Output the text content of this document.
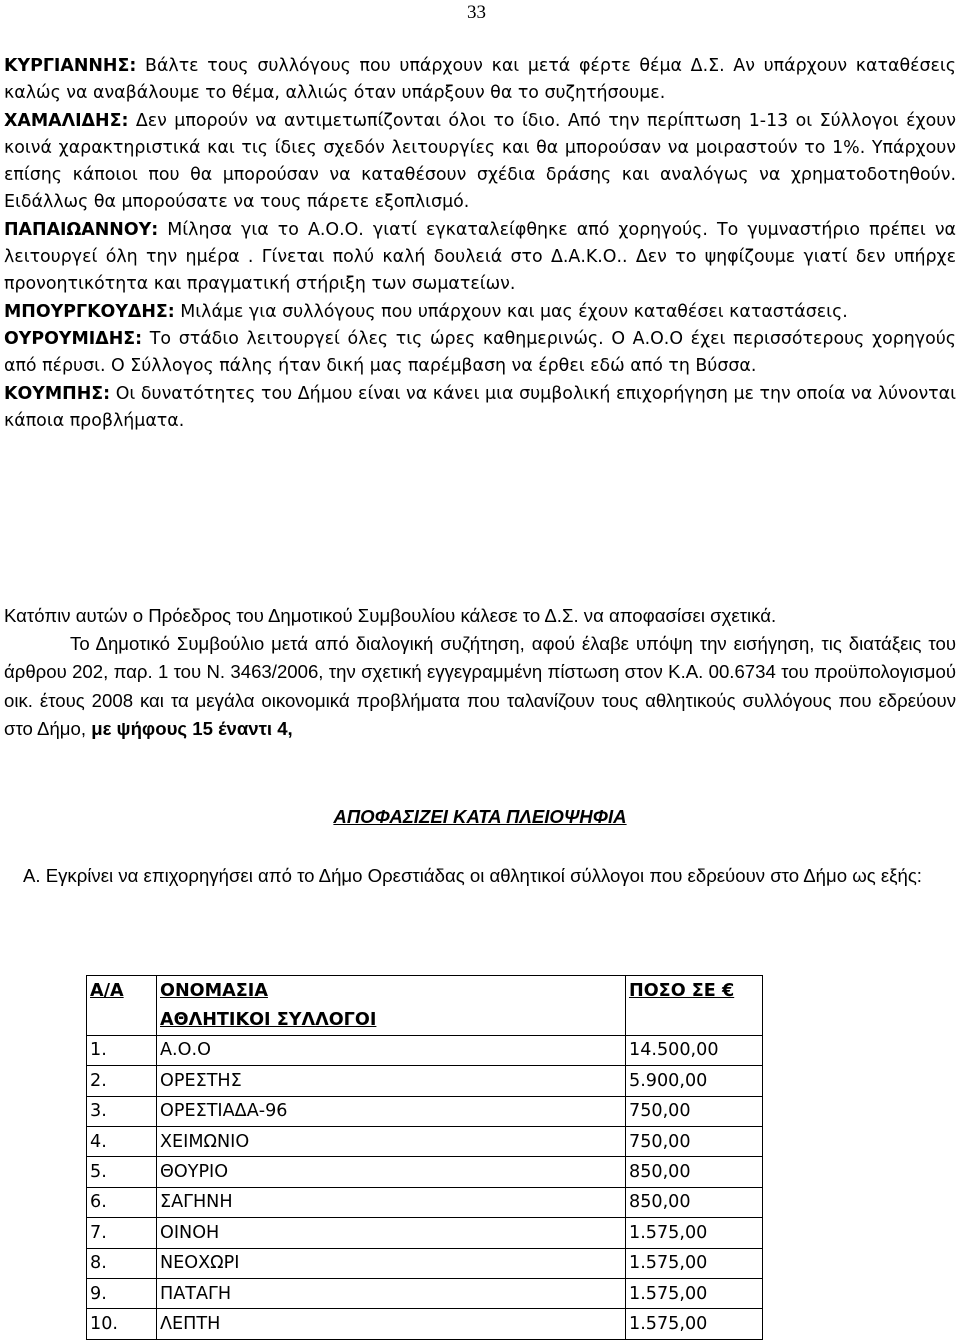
33

ΚΥΡΓΙΑΝΝΗΣ: Βάλτε τους συλλόγους που υπάρχουν και μετά φέρτε θέμα Δ.Σ. Αν υπάρχουν καταθέσεις καλώς να αναβάλουμε το θέμα, αλλιώς όταν υπάρξουν θα το συζητήσουμε.

ΧΑΜΑΛΙΔΗΣ: Δεν μπορούν να αντιμετωπίζονται όλοι το ίδιο. Από την περίπτωση 1-13 οι Σύλλογοι έχουν κοινά χαρακτηριστικά και τις ίδιες σχεδόν λειτουργίες και θα μπορούσαν να μοιραστούν το 1%. Υπάρχουν επίσης κάποιοι που θα μπορούσαν να καταθέσουν σχέδια δράσης και αναλόγως να χρηματοδοτηθούν. Ειδάλλως θα μπορούσατε να τους πάρετε εξοπλισμό.

ΠΑΠΑΙΩΑΝΝΟΥ: Μίλησα για το Α.Ο.Ο. γιατί εγκαταλείφθηκε από χορηγούς. Το γυμναστήριο πρέπει να λειτουργεί όλη την ημέρα . Γίνεται πολύ καλή δουλειά στο Δ.Α.Κ.Ο.. Δεν το ψηφίζουμε γιατί δεν υπήρχε προνοητικότητα και πραγματική στήριξη των σωματείων.

ΜΠΟΥΡΓΚΟΥΔΗΣ: Μιλάμε για συλλόγους που υπάρχουν και μας έχουν καταθέσει καταστάσεις.

ΟΥΡΟΥΜΙΔΗΣ: Το στάδιο λειτουργεί όλες τις ώρες καθημερινώς. Ο Α.Ο.Ο έχει περισσότερους χορηγούς από πέρυσι. Ο Σύλλογος πάλης ήταν δική μας παρέμβαση να έρθει εδώ από τη Βύσσα.

ΚΟΥΜΠΗΣ: Οι δυνατότητες του Δήμου είναι να κάνει μια συμβολική επιχορήγηση με την οποία να λύνονται κάποια προβλήματα.

Κατόπιν αυτών ο Πρόεδρος του Δημοτικού Συμβουλίου κάλεσε το Δ.Σ. να αποφασίσει σχετικά.

Το Δημοτικό Συμβούλιο μετά από διαλογική συζήτηση, αφού έλαβε υπόψη την εισήγηση, τις διατάξεις του άρθρου 202, παρ. 1 του Ν. 3463/2006, την σχετική εγγεγραμμένη πίστωση στον Κ.Α. 00.6734 του προϋπολογισμού οικ. έτους 2008 και τα μεγάλα οικονομικά προβλήματα που ταλανίζουν τους αθλητικούς συλλόγους που εδρεύουν στο Δήμο, με ψήφους 15 έναντι 4,

ΑΠΟΦΑΣΙΖΕΙ ΚΑΤΑ ΠΛΕΙΟΨΗΦΙΑ

Α. Εγκρίνει να επιχορηγήσει από το Δήμο Ορεστιάδας οι αθλητικοί σύλλογοι που εδρεύουν στο Δήμο ως εξής:

Α/Α	ΟΝΟΜΑΣΙΑ	ΠΟΣΟ ΣΕ €
	ΑΘΛΗΤΙΚΟΙ ΣΥΛΛΟΓΟΙ	
1.	Α.Ο.Ο	14.500,00
2.	ΟΡΕΣΤΗΣ	5.900,00
3.	ΟΡΕΣΤΙΑΔΑ-96	750,00
4.	ΧΕΙΜΩΝΙΟ	750,00
5.	ΘΟΥΡΙΟ	850,00
6.	ΣΑΓΗΝΗ	850,00
7.	ΟΙΝΟΗ	1.575,00
8.	ΝΕΟΧΩΡΙ	1.575,00
9.	ΠΑΤΑΓΗ	1.575,00
10.	ΛΕΠΤΗ	1.575,00
